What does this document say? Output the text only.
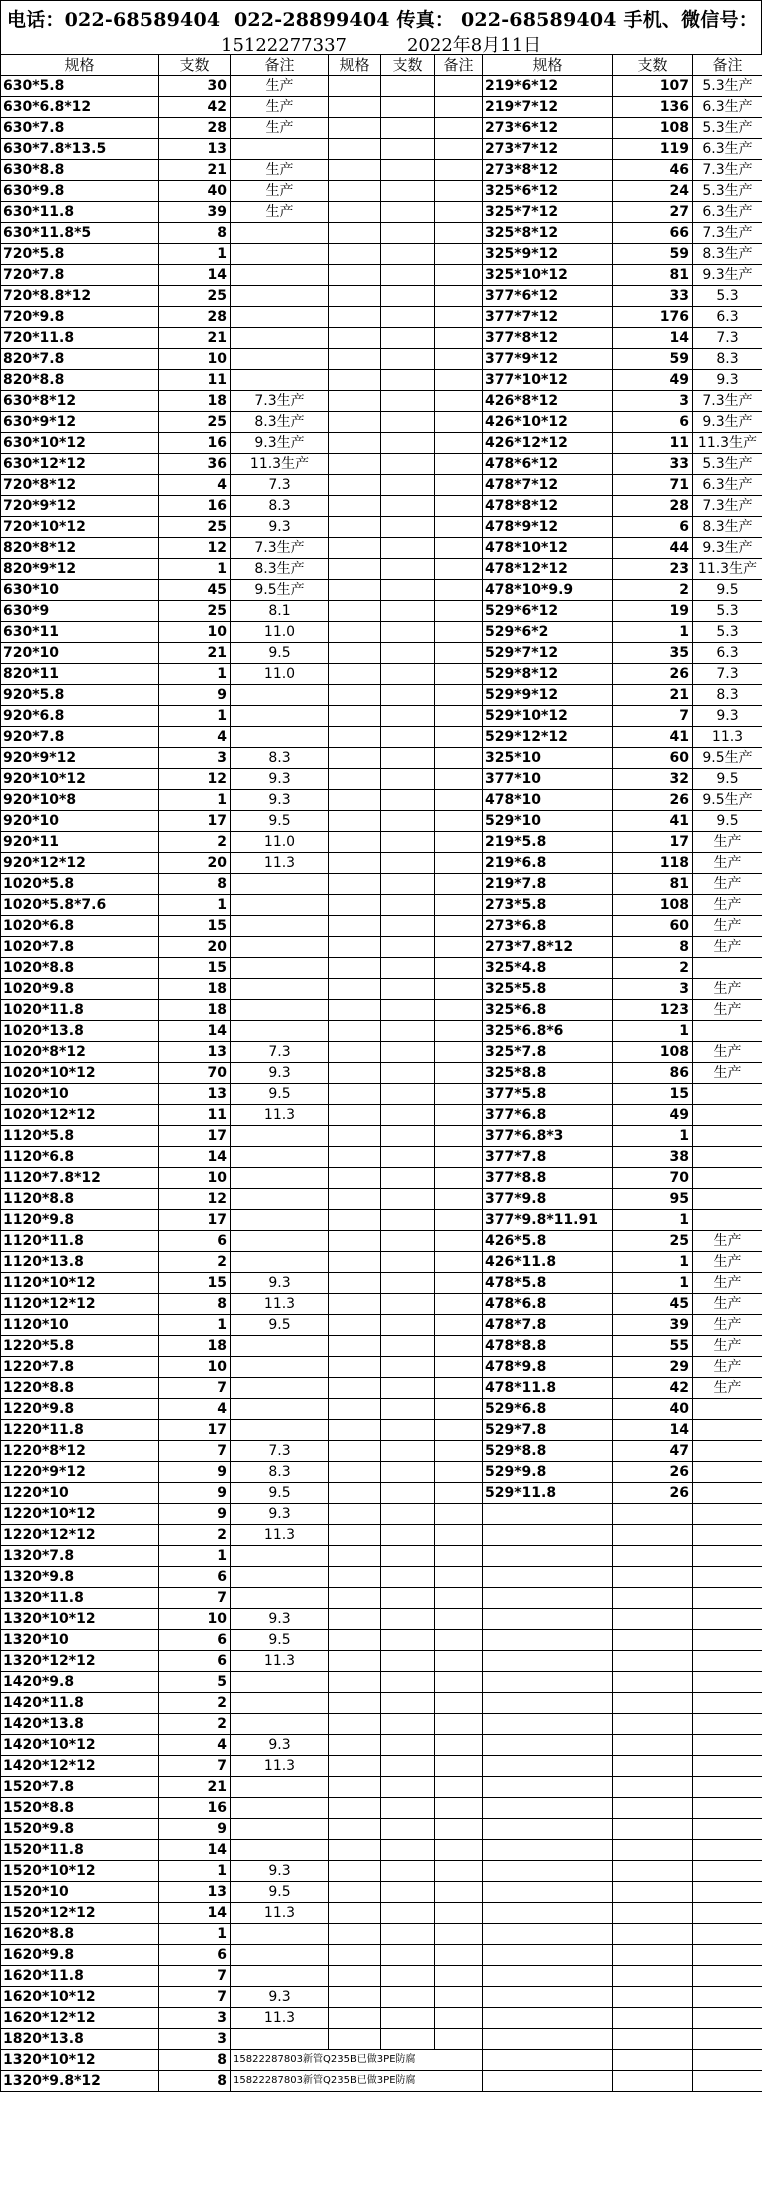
电话：022-68589404 022-28899404 传真： 022-68589404 手机、微信号：
15122277337	2022年8月11日
规格	支数	备注	规格	支数	备注	规格	支数	备注
630*5.8	30	生产				219*6*12	107	5.3生产
630*6.8*12	42	生产				219*7*12	136	6.3生产
630*7.8	28	生产				273*6*12	108	5.3生产
630*7.8*13.5	13					273*7*12	119	6.3生产
630*8.8	21	生产				273*8*12	46	7.3生产
630*9.8	40	生产				325*6*12	24	5.3生产
630*11.8	39	生产				325*7*12	27	6.3生产
630*11.8*5	8					325*8*12	66	7.3生产
720*5.8	1					325*9*12	59	8.3生产
720*7.8	14					325*10*12	81	9.3生产
720*8.8*12	25					377*6*12	33	5.3
720*9.8	28					377*7*12	176	6.3
720*11.8	21					377*8*12	14	7.3
820*7.8	10					377*9*12	59	8.3
820*8.8	11					377*10*12	49	9.3
630*8*12	18	7.3生产				426*8*12	3	7.3生产
630*9*12	25	8.3生产				426*10*12	6	9.3生产
630*10*12	16	9.3生产				426*12*12	11	11.3生产
630*12*12	36	11.3生产				478*6*12	33	5.3生产
720*8*12	4	7.3				478*7*12	71	6.3生产
720*9*12	16	8.3				478*8*12	28	7.3生产
720*10*12	25	9.3				478*9*12	6	8.3生产
820*8*12	12	7.3生产				478*10*12	44	9.3生产
820*9*12	1	8.3生产				478*12*12	23	11.3生产
630*10	45	9.5生产				478*10*9.9	2	9.5
630*9	25	8.1				529*6*12	19	5.3
630*11	10	11.0				529*6*2	1	5.3
720*10	21	9.5				529*7*12	35	6.3
820*11	1	11.0				529*8*12	26	7.3
920*5.8	9					529*9*12	21	8.3
920*6.8	1					529*10*12	7	9.3
920*7.8	4					529*12*12	41	11.3
920*9*12	3	8.3				325*10	60	9.5生产
920*10*12	12	9.3				377*10	32	9.5
920*10*8	1	9.3				478*10	26	9.5生产
920*10	17	9.5				529*10	41	9.5
920*11	2	11.0				219*5.8	17	生产
920*12*12	20	11.3				219*6.8	118	生产
1020*5.8	8					219*7.8	81	生产
1020*5.8*7.6	1					273*5.8	108	生产
1020*6.8	15					273*6.8	60	生产
1020*7.8	20					273*7.8*12	8	生产
1020*8.8	15					325*4.8	2	
1020*9.8	18					325*5.8	3	生产
1020*11.8	18					325*6.8	123	生产
1020*13.8	14					325*6.8*6	1	
1020*8*12	13	7.3				325*7.8	108	生产
1020*10*12	70	9.3				325*8.8	86	生产
1020*10	13	9.5				377*5.8	15	
1020*12*12	11	11.3				377*6.8	49	
1120*5.8	17					377*6.8*3	1	
1120*6.8	14					377*7.8	38	
1120*7.8*12	10					377*8.8	70	
1120*8.8	12					377*9.8	95	
1120*9.8	17					377*9.8*11.91	1	
1120*11.8	6					426*5.8	25	生产
1120*13.8	2					426*11.8	1	生产
1120*10*12	15	9.3				478*5.8	1	生产
1120*12*12	8	11.3				478*6.8	45	生产
1120*10	1	9.5				478*7.8	39	生产
1220*5.8	18					478*8.8	55	生产
1220*7.8	10					478*9.8	29	生产
1220*8.8	7					478*11.8	42	生产
1220*9.8	4					529*6.8	40	
1220*11.8	17					529*7.8	14	
1220*8*12	7	7.3				529*8.8	47	
1220*9*12	9	8.3				529*9.8	26	
1220*10	9	9.5				529*11.8	26	
1220*10*12	9	9.3						
1220*12*12	2	11.3						
1320*7.8	1							
1320*9.8	6							
1320*11.8	7							
1320*10*12	10	9.3						
1320*10	6	9.5						
1320*12*12	6	11.3						
1420*9.8	5							
1420*11.8	2							
1420*13.8	2							
1420*10*12	4	9.3						
1420*12*12	7	11.3						
1520*7.8	21							
1520*8.8	16							
1520*9.8	9							
1520*11.8	14							
1520*10*12	1	9.3						
1520*10	13	9.5						
1520*12*12	14	11.3						
1620*8.8	1							
1620*9.8	6							
1620*11.8	7							
1620*10*12	7	9.3						
1620*12*12	3	11.3						
1820*13.8	3							
1320*10*12	8	15822287803新管Q235B已做3PE防腐						
1320*9.8*12	8	15822287803新管Q235B已做3PE防腐						
